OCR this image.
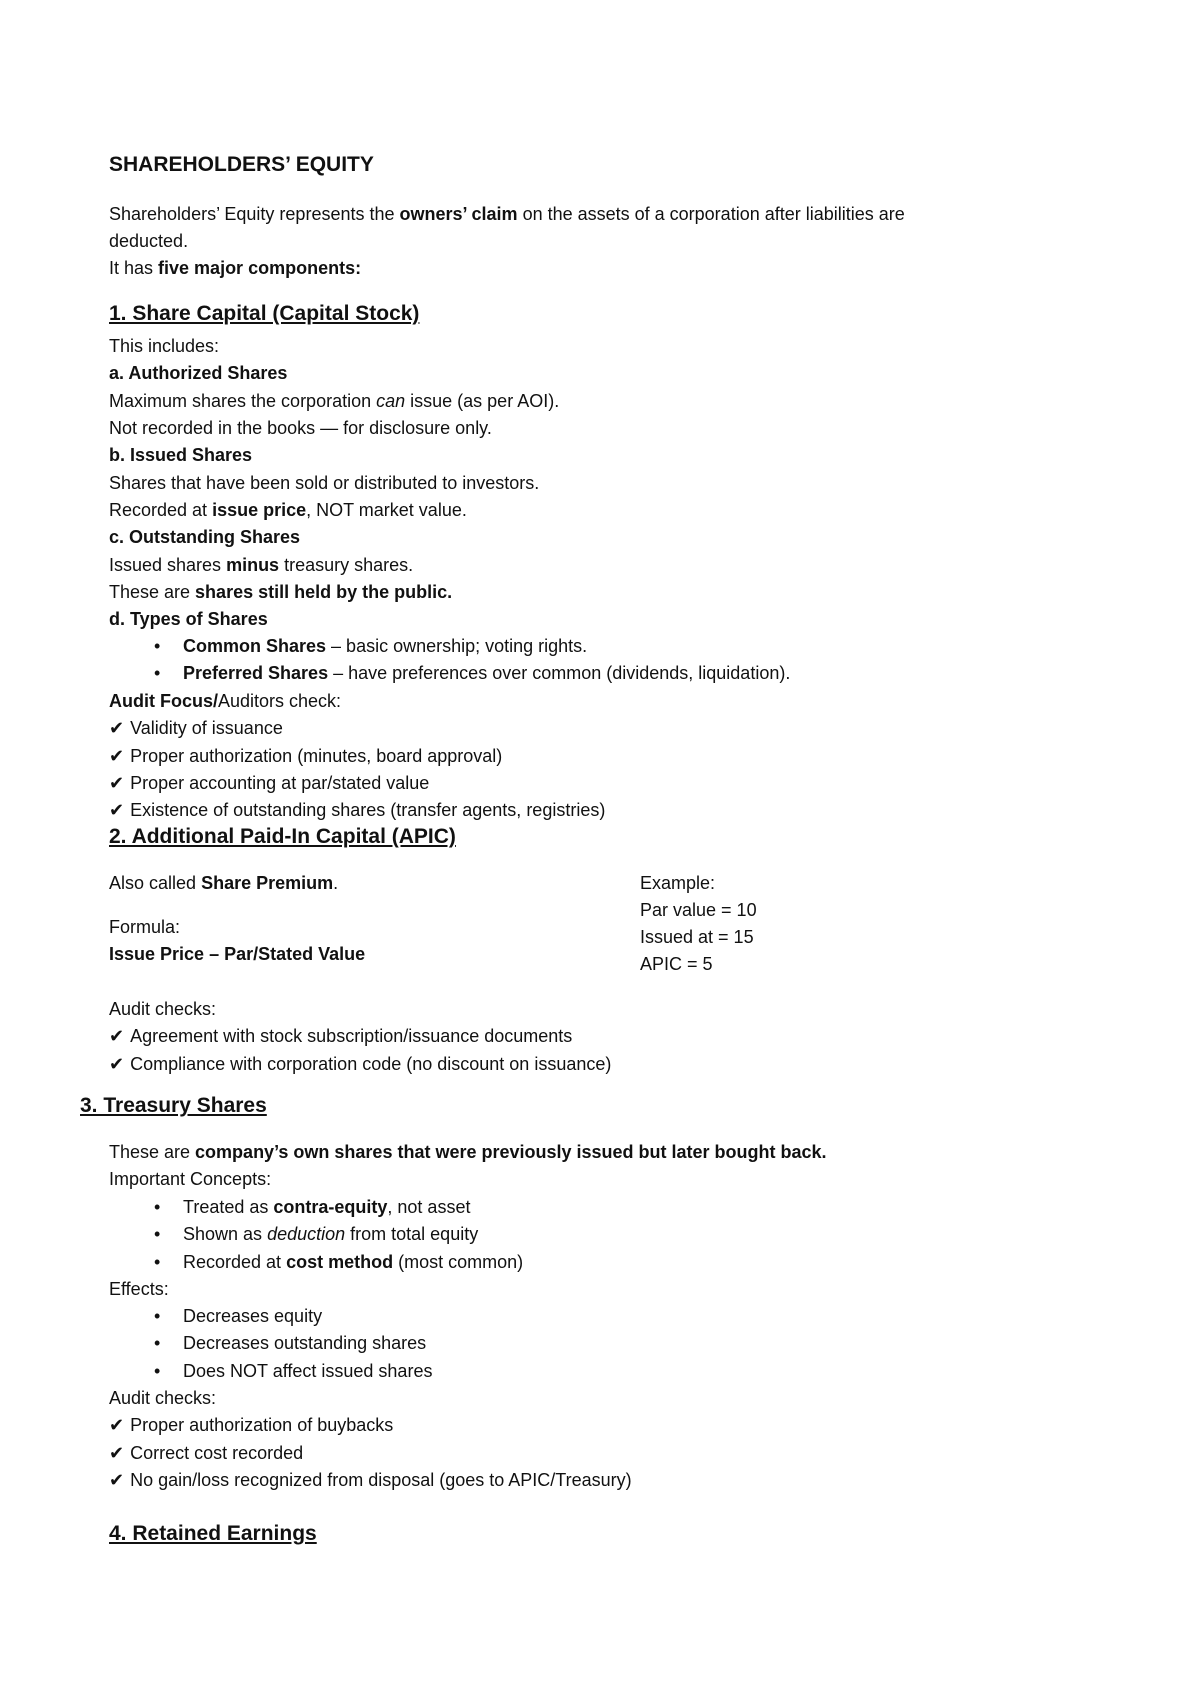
SHAREHOLDERS’ EQUITY
Shareholders’ Equity represents the owners’ claim on the assets of a corporation after liabilities are
deducted.
It has five major components:
1. Share Capital (Capital Stock)
This includes:
a. Authorized Shares
Maximum shares the corporation can issue (as per AOI).
Not recorded in the books — for disclosure only.
b. Issued Shares
Shares that have been sold or distributed to investors.
Recorded at issue price, NOT market value.
c. Outstanding Shares
Issued shares minus treasury shares.
These are shares still held by the public.
d. Types of Shares
• Common Shares – basic ownership; voting rights.
• Preferred Shares – have preferences over common (dividends, liquidation).
Audit Focus/Auditors check:
✔ Validity of issuance
✔ Proper authorization (minutes, board approval)
✔ Proper accounting at par/stated value
✔ Existence of outstanding shares (transfer agents, registries)
2. Additional Paid-In Capital (APIC)
Also called Share Premium.
Formula:
Issue Price – Par/Stated Value
Example:
Par value = 10
Issued at = 15
APIC = 5
Audit checks:
✔ Agreement with stock subscription/issuance documents
✔ Compliance with corporation code (no discount on issuance)
3. Treasury Shares
These are company’s own shares that were previously issued but later bought back.
Important Concepts:
• Treated as contra-equity, not asset
• Shown as deduction from total equity
• Recorded at cost method (most common)
Effects:
• Decreases equity
• Decreases outstanding shares
• Does NOT affect issued shares
Audit checks:
✔ Proper authorization of buybacks
✔ Correct cost recorded
✔ No gain/loss recognized from disposal (goes to APIC/Treasury)
4. Retained Earnings
